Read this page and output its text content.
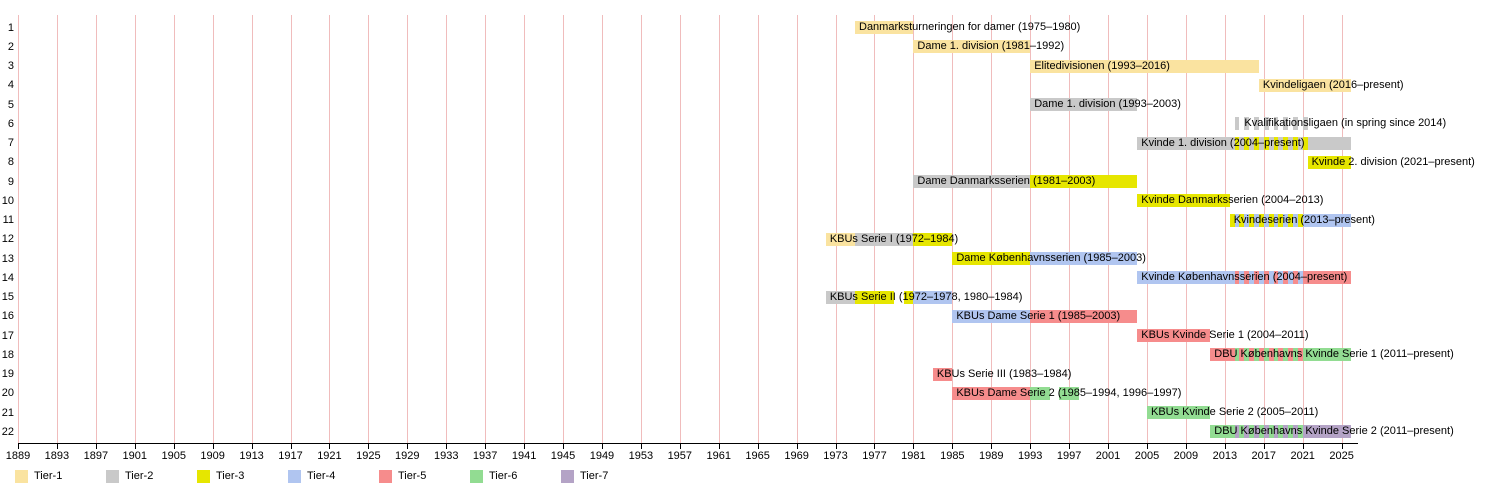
1	Danmarksturneringen for damer (1975–1980)
2	Dame 1. division (1981–1992)
3	Elitedivisionen (1993–2016)
4	Kvindeligaen (2016–present)
5	Dame 1. division (1993–2003)
6	Kvalifikationsligaen (in spring since 2014)
7	Kvinde 1. division (2004–present)
8	Kvinde 2. division (2021–present)
9	Dame Danmarksserien (1981–2003)
10	Kvinde Danmarksserien (2004–2013)
11	Kvindeserien (2013–present)
12	KBUs Serie I (1972–1984)
13	Dame Københavnsserien (1985–2003)
14	Kvinde Københavnsserien (2004–present)
15	KBUs Serie II (1972–1978, 1980–1984)
16	KBUs Dame Serie 1 (1985–2003)
17	KBUs Kvinde Serie 1 (2004–2011)
18	DBU Københavns Kvinde Serie 1 (2011–present)
19	KBUs Serie III (1983–1984)
20	KBUs Dame Serie 2 (1985–1994, 1996–1997)
21	KBUs Kvinde Serie 2 (2005–2011)
22	DBU Københavns Kvinde Serie 2 (2011–present)
1889	1893	1897	1901	1905	1909	1913	1917	1921	1925	1929	1933	1937	1941	1945	1949	1953	1957	1961	1965	1969	1973	1977	1981	1985	1989	1993	1997	2001	2005	2009	2013	2017	2021	2025
Tier-1	Tier-2	Tier-3	Tier-4	Tier-5	Tier-6	Tier-7
